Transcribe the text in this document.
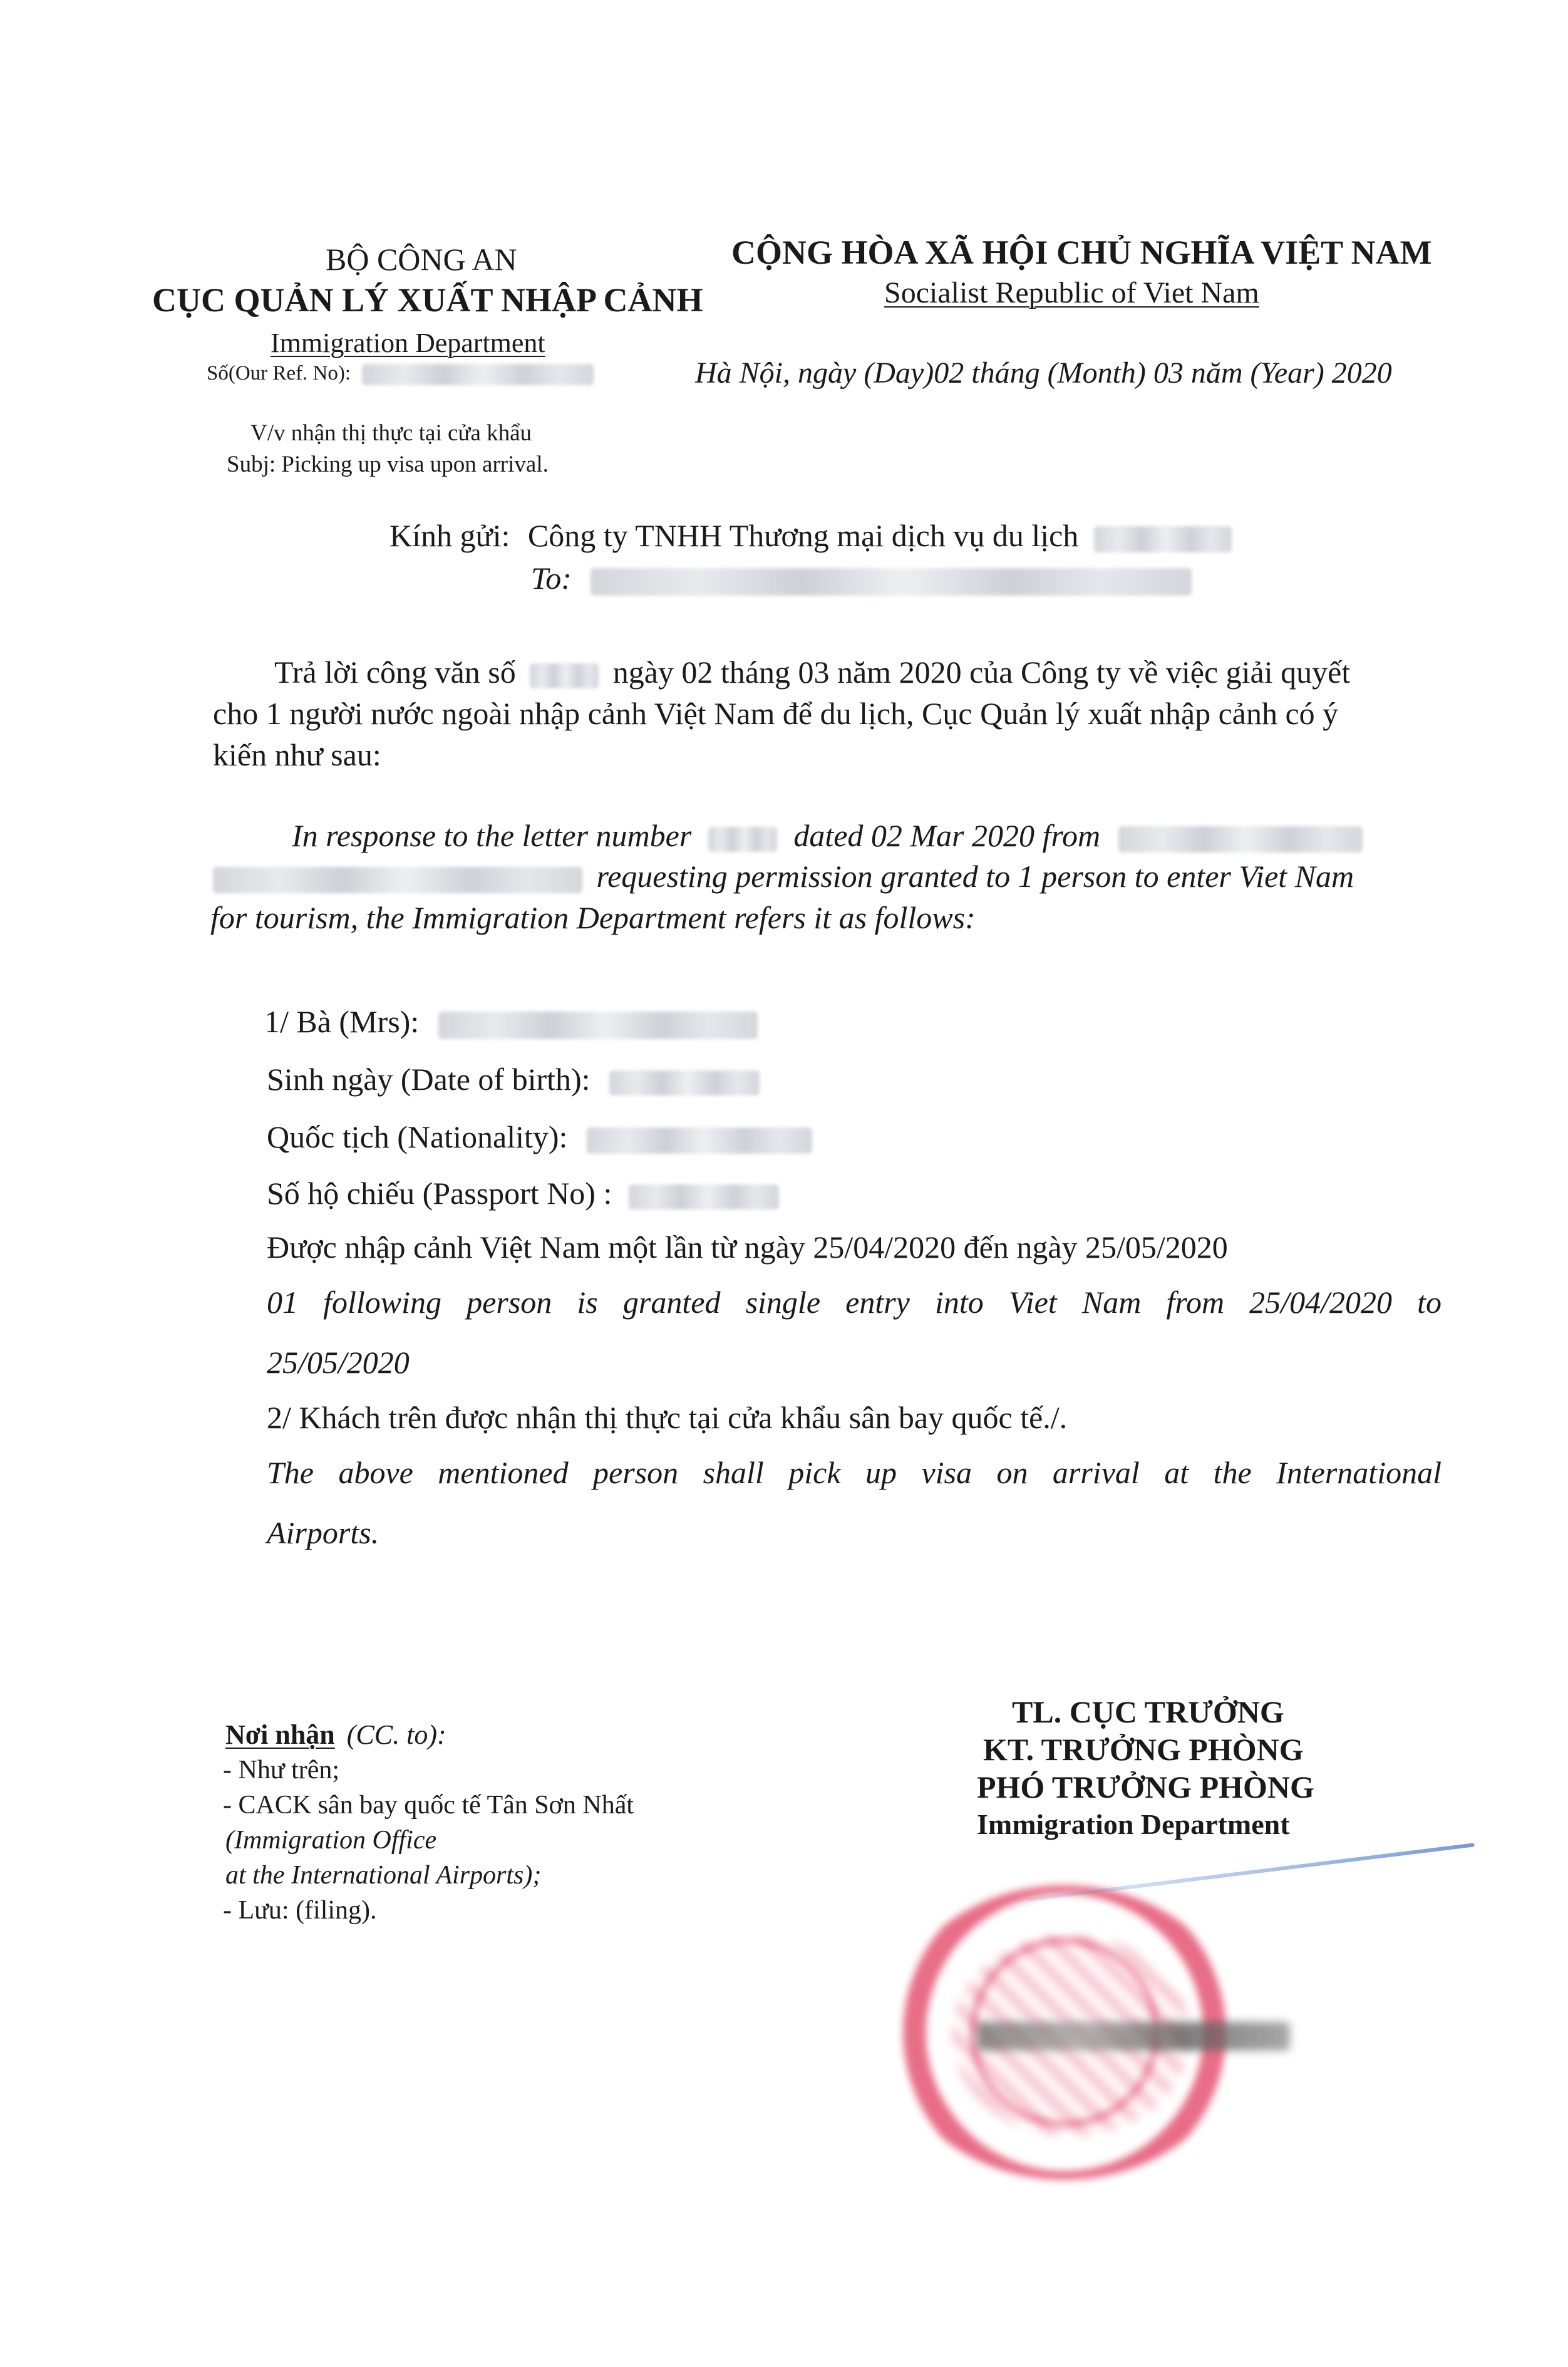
BỘ CÔNG AN
CỤC QUẢN LÝ XUẤT NHẬP CẢNH
Immigration Department
Số(Our Ref. No):
CỘNG HÒA XÃ HỘI CHỦ NGHĨA VIỆT NAM
Socialist Republic of Viet Nam
Hà Nội, ngày (Day)02 tháng (Month) 03 năm (Year) 2020
V/v nhận thị thực tại cửa khẩu
Subj: Picking up visa upon arrival.
Kính gửi: Công ty TNHH Thương mại dịch vụ du lịch
To:
Trả lời công văn số	ngày 02 tháng 03 năm 2020 của Công ty về việc giải quyết
cho 1 người nước ngoài nhập cảnh Việt Nam để du lịch, Cục Quản lý xuất nhập cảnh có ý
kiến như sau:
In response to the letter number	dated 02 Mar 2020 from
requesting permission granted to 1 person to enter Viet Nam
for tourism, the Immigration Department refers it as follows:
1/ Bà (Mrs):
Sinh ngày (Date of birth):
Quốc tịch (Nationality):
Số hộ chiếu (Passport No) :
Được nhập cảnh Việt Nam một lần từ ngày 25/04/2020 đến ngày 25/05/2020
01 following person is granted single entry into Viet Nam from 25/04/2020 to
25/05/2020
2/ Khách trên được nhận thị thực tại cửa khẩu sân bay quốc tế./.
The above mentioned person shall pick up visa on arrival at the International
Airports.
Nơi nhận (CC. to):
- Như trên;
- CACK sân bay quốc tế Tân Sơn Nhất
(Immigration Office
at the International Airports);
- Lưu: (filing).
TL. CỤC TRƯỞNG
KT. TRƯỞNG PHÒNG
PHÓ TRƯỞNG PHÒNG
Immigration Department
